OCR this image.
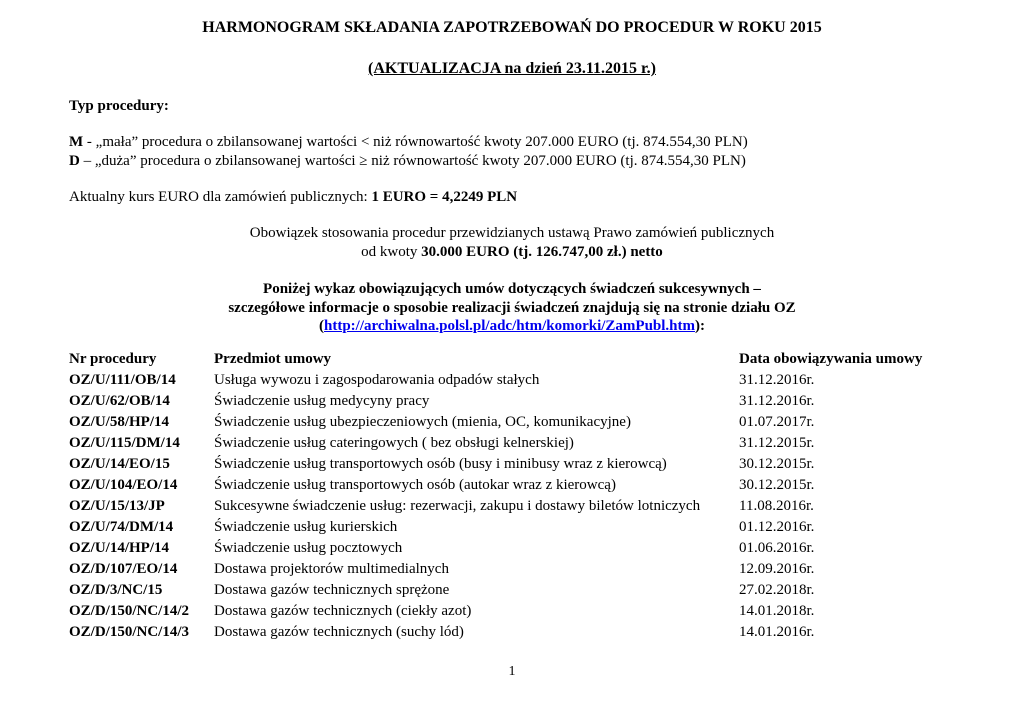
HARMONOGRAM SKŁADANIA ZAPOTRZEBOWAŃ DO PROCEDUR W ROKU 2015
(AKTUALIZACJA na dzień 23.11.2015 r.)
Typ procedury:
M - „mała” procedura o zbilansowanej wartości < niż równowartość kwoty 207.000 EURO (tj. 874.554,30 PLN)
D – „duża” procedura o zbilansowanej wartości ≥ niż równowartość kwoty 207.000 EURO (tj. 874.554,30 PLN)
Aktualny kurs EURO dla zamówień publicznych: 1 EURO = 4,2249 PLN
Obowiązek stosowania procedur przewidzianych ustawą Prawo zamówień publicznych
od kwoty 30.000 EURO (tj. 126.747,00 zł.) netto
Poniżej wykaz obowiązujących umów dotyczących świadczeń sukcesywnych –
szczegółowe informacje o sposobie realizacji świadczeń znajdują się na stronie działu OZ
(http://archiwalna.polsl.pl/adc/htm/komorki/ZamPubl.htm):
Nr procedury	Przedmiot umowy	Data obowiązywania umowy
OZ/U/111/OB/14	Usługa wywozu i zagospodarowania odpadów stałych	31.12.2016r.
OZ/U/62/OB/14	Świadczenie usług medycyny pracy	31.12.2016r.
OZ/U/58/HP/14	Świadczenie usług ubezpieczeniowych (mienia, OC, komunikacyjne)	01.07.2017r.
OZ/U/115/DM/14	Świadczenie usług cateringowych ( bez obsługi kelnerskiej)	31.12.2015r.
OZ/U/14/EO/15	Świadczenie usług transportowych osób (busy i minibusy wraz z kierowcą)	30.12.2015r.
OZ/U/104/EO/14	Świadczenie usług transportowych osób (autokar wraz z kierowcą)	30.12.2015r.
OZ/U/15/13/JP	Sukcesywne świadczenie usług: rezerwacji, zakupu i dostawy biletów lotniczych	11.08.2016r.
OZ/U/74/DM/14	Świadczenie usług kurierskich	01.12.2016r.
OZ/U/14/HP/14	Świadczenie usług pocztowych	01.06.2016r.
OZ/D/107/EO/14	Dostawa projektorów multimedialnych	12.09.2016r.
OZ/D/3/NC/15	Dostawa gazów technicznych sprężone	27.02.2018r.
OZ/D/150/NC/14/2	Dostawa gazów technicznych (ciekły azot)	14.01.2018r.
OZ/D/150/NC/14/3	Dostawa gazów technicznych (suchy lód)	14.01.2016r.
1
